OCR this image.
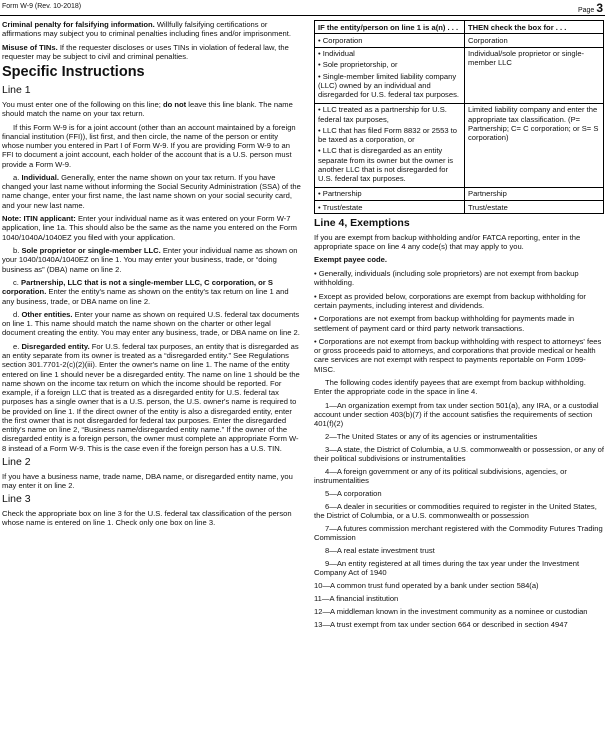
Form W-9 (Rev. 10-2018)
Page 3

Criminal penalty for falsifying information. Willfully falsifying certifications or affirmations may subject you to criminal penalties including fines and/or imprisonment.

Misuse of TINs. If the requester discloses or uses TINs in violation of federal law, the requester may be subject to civil and criminal penalties.

Specific Instructions
Line 1

You must enter one of the following on this line; do not leave this line blank. The name should match the name on your tax return.

If this Form W-9 is for a joint account (other than an account maintained by a foreign financial institution (FFI)), list first, and then circle, the name of the person or entity whose number you entered in Part I of Form W-9. If you are providing Form W-9 to an FFI to document a joint account, each holder of the account that is a U.S. person must provide a Form W-9.

a. Individual. Generally, enter the name shown on your tax return. If you have changed your last name without informing the Social Security Administration (SSA) of the name change, enter your first name, the last name shown on your social security card, and your new last name.

Note: ITIN applicant: Enter your individual name as it was entered on your Form W-7 application, line 1a. This should also be the same as the name you entered on the Form 1040/1040A/1040EZ you filed with your application.

b. Sole proprietor or single-member LLC. Enter your individual name as shown on your 1040/1040A/1040EZ on line 1. You may enter your business, trade, or “doing business as” (DBA) name on line 2.

c. Partnership, LLC that is not a single-member LLC, C corporation, or S corporation. Enter the entity's name as shown on the entity's tax return on line 1 and any business, trade, or DBA name on line 2.

d. Other entities. Enter your name as shown on required U.S. federal tax documents on line 1. This name should match the name shown on the charter or other legal document creating the entity. You may enter any business, trade, or DBA name on line 2.

e. Disregarded entity. For U.S. federal tax purposes, an entity that is disregarded as an entity separate from its owner is treated as a “disregarded entity.” See Regulations section 301.7701-2(c)(2)(iii). Enter the owner's name on line 1. The name of the entity entered on line 1 should never be a disregarded entity. The name on line 1 should be the name shown on the income tax return on which the income should be reported. For example, if a foreign LLC that is treated as a disregarded entity for U.S. federal tax purposes has a single owner that is a U.S. person, the U.S. owner's name is required to be provided on line 1. If the direct owner of the entity is also a disregarded entity, enter the first owner that is not disregarded for federal tax purposes. Enter the disregarded entity's name on line 2, “Business name/disregarded entity name.” If the owner of the disregarded entity is a foreign person, the owner must complete an appropriate Form W-8 instead of a Form W-9. This is the case even if the foreign person has a U.S. TIN.

Line 2

If you have a business name, trade name, DBA name, or disregarded entity name, you may enter it on line 2.

Line 3

Check the appropriate box on line 3 for the U.S. federal tax classification of the person whose name is entered on line 1. Check only one box on line 3.

IF the entity/person on line 1 is a(n) . . .	THEN check the box for . . .
• Corporation	Corporation

• Individual
• Sole proprietorship, or
• Single-member limited liability company (LLC) owned by an individual and disregarded for U.S. federal tax purposes.	Individual/sole proprietor or single-member LLC

• LLC treated as a partnership for U.S. federal tax purposes,
• LLC that has filed Form 8832 or 2553 to be taxed as a corporation, or
• LLC that is disregarded as an entity separate from its owner but the owner is another LLC that is not disregarded for U.S. federal tax purposes.	Limited liability company and enter the appropriate tax classification. (P= Partnership; C= C corporation; or S= S corporation)
• Partnership	Partnership
• Trust/estate	Trust/estate
Line 4, Exemptions

If you are exempt from backup withholding and/or FATCA reporting, enter in the appropriate space on line 4 any code(s) that may apply to you.

Exempt payee code.

• Generally, individuals (including sole proprietors) are not exempt from backup withholding.

• Except as provided below, corporations are exempt from backup withholding for certain payments, including interest and dividends.

• Corporations are not exempt from backup withholding for payments made in settlement of payment card or third party network transactions.

• Corporations are not exempt from backup withholding with respect to attorneys' fees or gross proceeds paid to attorneys, and corporations that provide medical or health care services are not exempt with respect to payments reportable on Form 1099-MISC.

The following codes identify payees that are exempt from backup withholding. Enter the appropriate code in the space in line 4.

1—An organization exempt from tax under section 501(a), any IRA, or a custodial account under section 403(b)(7) if the account satisfies the requirements of section 401(f)(2)

2—The United States or any of its agencies or instrumentalities

3—A state, the District of Columbia, a U.S. commonwealth or possession, or any of their political subdivisions or instrumentalities

4—A foreign government or any of its political subdivisions, agencies, or instrumentalities

5—A corporation

6—A dealer in securities or commodities required to register in the United States, the District of Columbia, or a U.S. commonwealth or possession

7—A futures commission merchant registered with the Commodity Futures Trading Commission

8—A real estate investment trust

9—An entity registered at all times during the tax year under the Investment Company Act of 1940

10—A common trust fund operated by a bank under section 584(a)

11—A financial institution

12—A middleman known in the investment community as a nominee or custodian

13—A trust exempt from tax under section 664 or described in section 4947
